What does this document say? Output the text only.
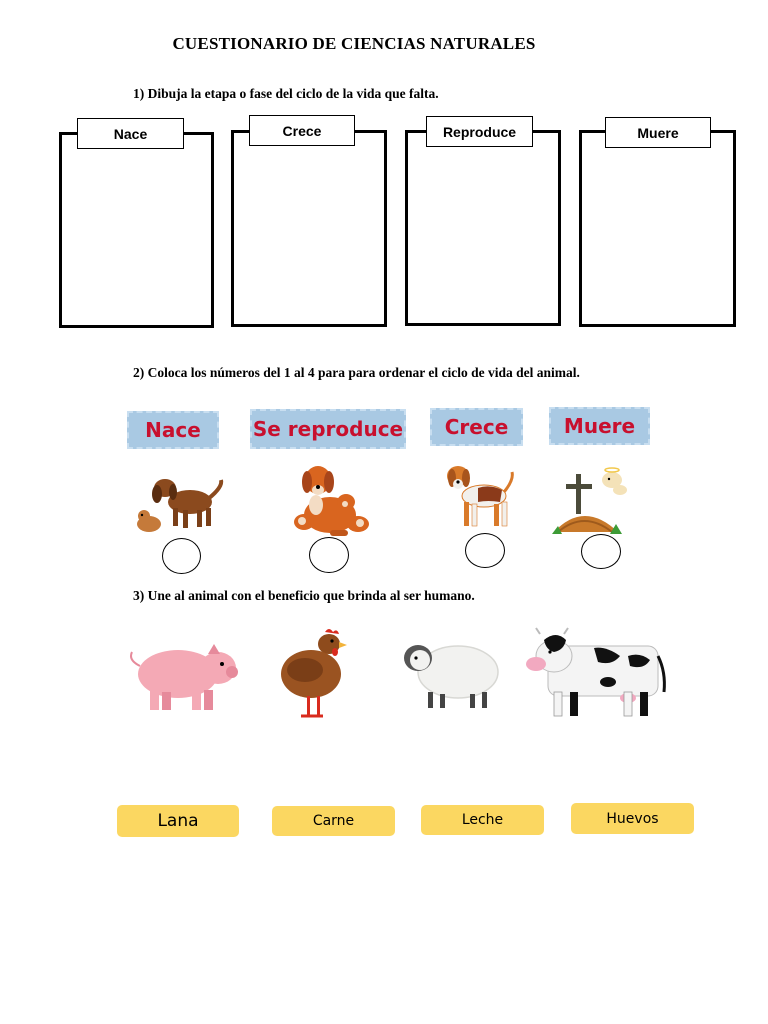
CUESTIONARIO DE CIENCIAS NATURALES
1) Dibuja la etapa o fase del ciclo de la vida que falta.
Nace	Crece	Reproduce	Muere
2) Coloca los números del 1 al 4 para para ordenar el ciclo de vida del animal.
Nace	Se reproduce	Crece	Muere
3) Une al animal con el beneficio que brinda al ser humano.
Lana	Carne	Leche	Huevos
